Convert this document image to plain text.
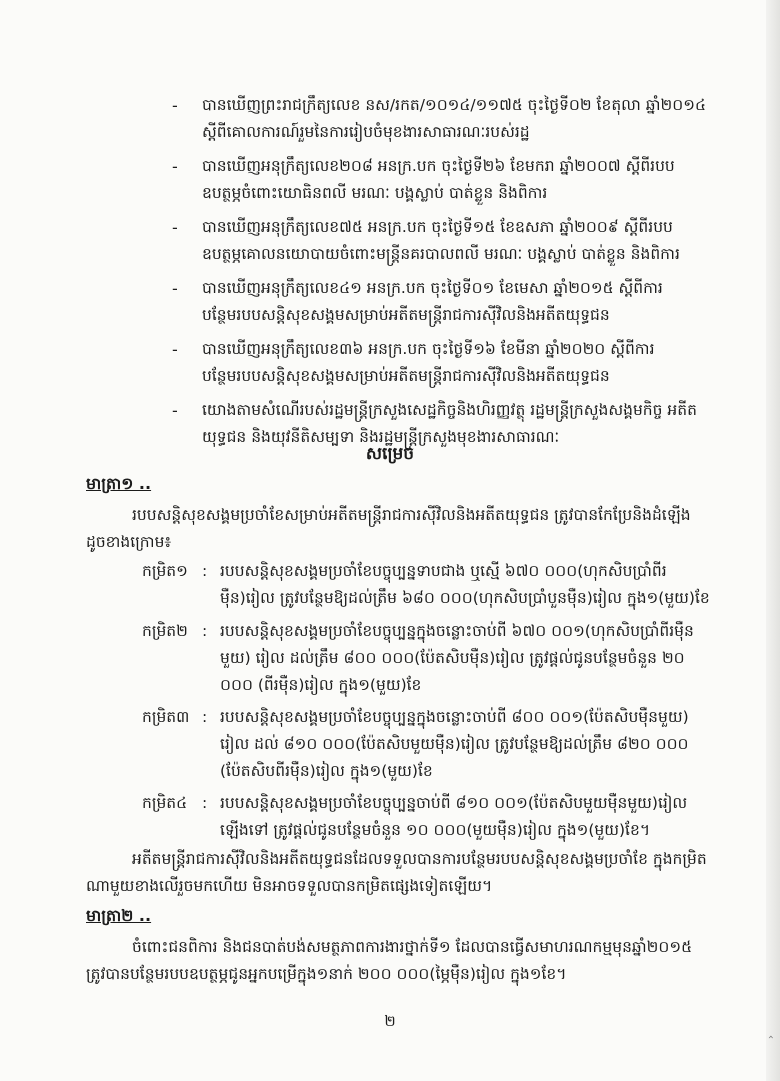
- បានឃើញព្រះរាជក្រឹត្យលេខ នស/រកត/១០១៤/១១៧៥ ចុះថ្ងៃទី០២ ខែតុលា ឆ្នាំ២០១៤ ស្ដីពីគោលការណ៍រួមនៃការរៀបចំមុខងារសាធារណៈរបស់រដ្ឋ
- បានឃើញអនុក្រឹត្យលេខ២០៨ អនក្រ.បក ចុះថ្ងៃទី២៦ ខែមករា ឆ្នាំ២០០៧ ស្ដីពីរបបឧបត្ថម្ភចំពោះយោធិនពលី មរណៈ បង្គស្លាប់ បាត់ខ្លួន និងពិការ
- បានឃើញអនុក្រឹត្យលេខ៧៥ អនក្រ.បក ចុះថ្ងៃទី១៥ ខែឧសភា ឆ្នាំ២០០៩ ស្ដីពីរបបឧបត្ថម្ភគោលនយោបាយចំពោះមន្ត្រីនគរបាលពលី មរណៈ បង្គស្លាប់ បាត់ខ្លួន និងពិការ
- បានឃើញអនុក្រឹត្យលេខ៤១ អនក្រ.បក ចុះថ្ងៃទី០១ ខែមេសា ឆ្នាំ២០១៥ ស្ដីពីការបន្ថែមរបបសន្តិសុខសង្គមសម្រាប់អតីតមន្ត្រីរាជការស៊ីវិលនិងអតីតយុទ្ធជន
- បានឃើញអនុក្រឹត្យលេខ៣៦ អនក្រ.បក ចុះថ្ងៃទី១៦ ខែមីនា ឆ្នាំ២០២០ ស្ដីពីការបន្ថែមរបបសន្តិសុខសង្គមសម្រាប់អតីតមន្ត្រីរាជការស៊ីវិលនិងអតីតយុទ្ធជន
- យោងតាមសំណើរបស់រដ្ឋមន្ត្រីក្រសួងសេដ្ឋកិច្ចនិងហិរញ្ញវត្ថុ រដ្ឋមន្ត្រីក្រសួងសង្គមកិច្ច អតីតយុទ្ធជន និងយុវនីតិសម្បទា និងរដ្ឋមន្ត្រីក្រសួងមុខងារសាធារណៈ
សម្រេច
មាត្រា១ ..
របបសន្តិសុខសង្គមប្រចាំខែសម្រាប់អតីតមន្ត្រីរាជការស៊ីវិលនិងអតីតយុទ្ធជន ត្រូវបានកែប្រែនិងដំឡើង ដូចខាងក្រោម៖
កម្រិត១ : របបសន្តិសុខសង្គមប្រចាំខែបច្ចុប្បន្នទាបជាង ឬស្មើ ៦៧០ ០០០(ហុកសិបប្រាំពីរម៉ឺន)រៀល ត្រូវបន្ថែមឱ្យដល់ត្រឹម ៦៨០ ០០០(ហុកសិបប្រាំបួនម៉ឺន)រៀល ក្នុង១(មួយ)ខែ
កម្រិត២ : របបសន្តិសុខសង្គមប្រចាំខែបច្ចុប្បន្នក្នុងចន្លោះចាប់ពី ៦៧០ ០០១(ហុកសិបប្រាំពីរម៉ឺនមួយ) រៀល ដល់ត្រឹម ៨០០ ០០០(ប៉ែតសិបម៉ឺន)រៀល ត្រូវផ្ដល់ជូនបន្ថែមចំនួន ២០ ០០០ (ពីរម៉ឺន)រៀល ក្នុង១(មួយ)ខែ
កម្រិត៣ : របបសន្តិសុខសង្គមប្រចាំខែបច្ចុប្បន្នក្នុងចន្លោះចាប់ពី ៨០០ ០០១(ប៉ែតសិបម៉ឺនមួយ) រៀល ដល់ ៨១០ ០០០(ប៉ែតសិបមួយម៉ឺន)រៀល ត្រូវបន្ថែមឱ្យដល់ត្រឹម ៨២០ ០០០ (ប៉ែតសិបពីរម៉ឺន)រៀល ក្នុង១(មួយ)ខែ
កម្រិត៤ : របបសន្តិសុខសង្គមប្រចាំខែបច្ចុប្បន្នចាប់ពី ៨១០ ០០១(ប៉ែតសិបមួយម៉ឺនមួយ)រៀល ឡើងទៅ ត្រូវផ្ដល់ជូនបន្ថែមចំនួន ១០ ០០០(មួយម៉ឺន)រៀល ក្នុង១(មួយ)ខែ។
អតីតមន្ត្រីរាជការស៊ីវិលនិងអតីតយុទ្ធជនដែលទទួលបានការបន្ថែមរបបសន្តិសុខសង្គមប្រចាំខែ ក្នុងកម្រិតណាមួយខាងលើរួចមកហើយ មិនអាចទទួលបានកម្រិតផ្សេងទៀតឡើយ។
មាត្រា២ ..
ចំពោះជនពិការ និងជនបាត់បង់សមត្ថភាពការងារថ្នាក់ទី១ ដែលបានធ្វើសមាហរណកម្មមុនឆ្នាំ២០១៥ ត្រូវបានបន្ថែមរបបឧបត្ថម្ភជូនអ្នកបម្រើក្នុង១នាក់ ២០០ ០០០(ម្ភៃម៉ឺន)រៀល ក្នុង១ខែ។
២
‹
